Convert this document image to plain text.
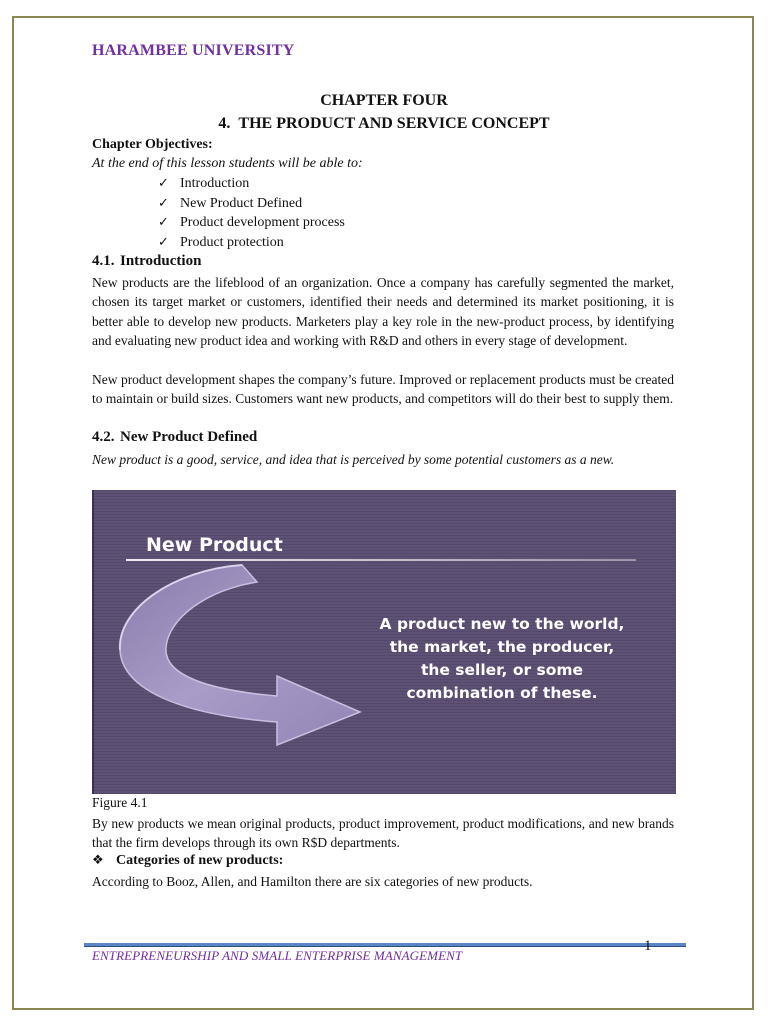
HARAMBEE UNIVERSITY
CHAPTER FOUR
4. THE PRODUCT AND SERVICE CONCEPT
Chapter Objectives:
At the end of this lesson students will be able to:
✓ Introduction
✓ New Product Defined
✓ Product development process
✓ Product protection
4.1. Introduction

New products are the lifeblood of an organization. Once a company has carefully segmented the market, chosen its target market or customers, identified their needs and determined its market positioning, it is better able to develop new products. Marketers play a key role in the new-product process, by identifying and evaluating new product idea and working with R&D and others in every stage of development.

New product development shapes the company’s future. Improved or replacement products must be created to maintain or build sizes. Customers want new products, and competitors will do their best to supply them.

4.2. New Product Defined

New product is a good, service, and idea that is perceived by some potential customers as a new.

New Product
A product new to the world,
the market, the producer,
the seller, or some
combination of these.
Figure 4.1

By new products we mean original products, product improvement, product modifications, and new brands that the firm develops through its own R$D departments.

❖ Categories of new products:

According to Booz, Allen, and Hamilton there are six categories of new products.

ENTREPRENEURSHIP AND SMALL ENTERPRISE MANAGEMENT
1
